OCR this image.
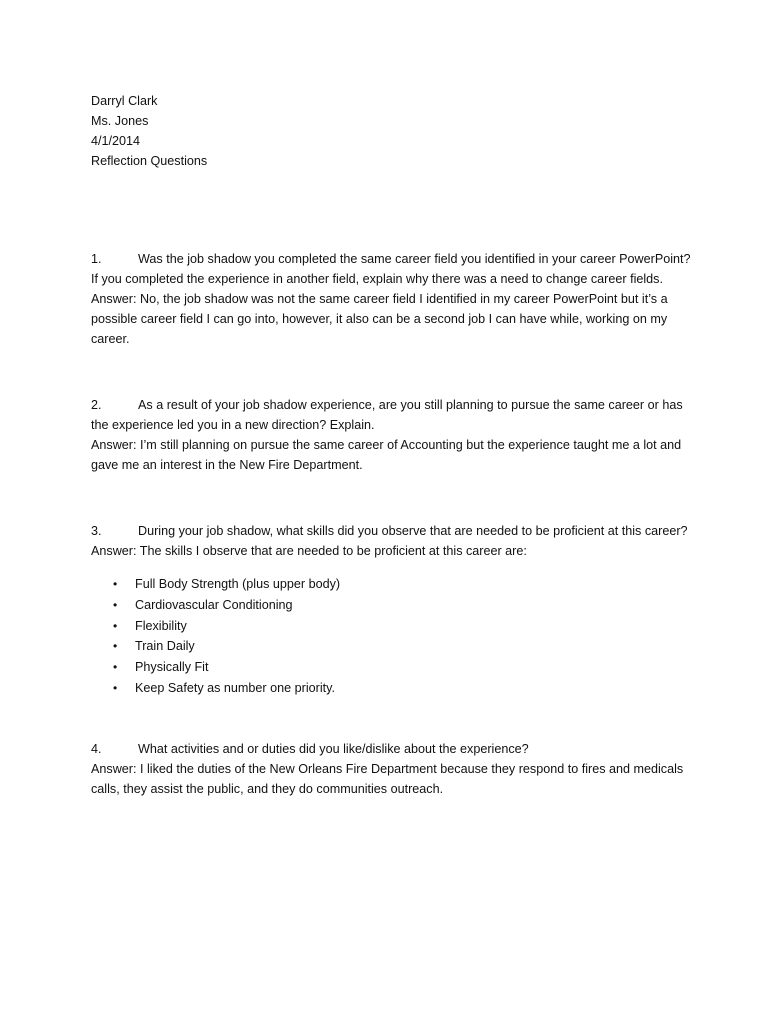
Darryl Clark
Ms. Jones
4/1/2014
Reflection Questions

1.	Was the job shadow you completed the same career field you identified in your career PowerPoint? If you completed the experience in another field, explain why there was a need to change career fields.

Answer: No, the job shadow was not the same career field I identified in my career PowerPoint but it’s a possible career field I can go into, however, it also can be a second job I can have while, working on my career.

2.	As a result of your job shadow experience, are you still planning to pursue the same career or has the experience led you in a new direction? Explain.

Answer: I’m still planning on pursue the same career of Accounting but the experience taught me a lot and gave me an interest in the New Fire Department.

3.	During your job shadow, what skills did you observe that are needed to be proficient at this career?

Answer: The skills I observe that are needed to be proficient at this career are:

•	Full Body Strength (plus upper body)
•	Cardiovascular Conditioning
•	Flexibility
•	Train Daily
•	Physically Fit
•	Keep Safety as number one priority.

4.	What activities and or duties did you like/dislike about the experience?

Answer: I liked the duties of the New Orleans Fire Department because they respond to fires and medicals calls, they assist the public, and they do communities outreach.
